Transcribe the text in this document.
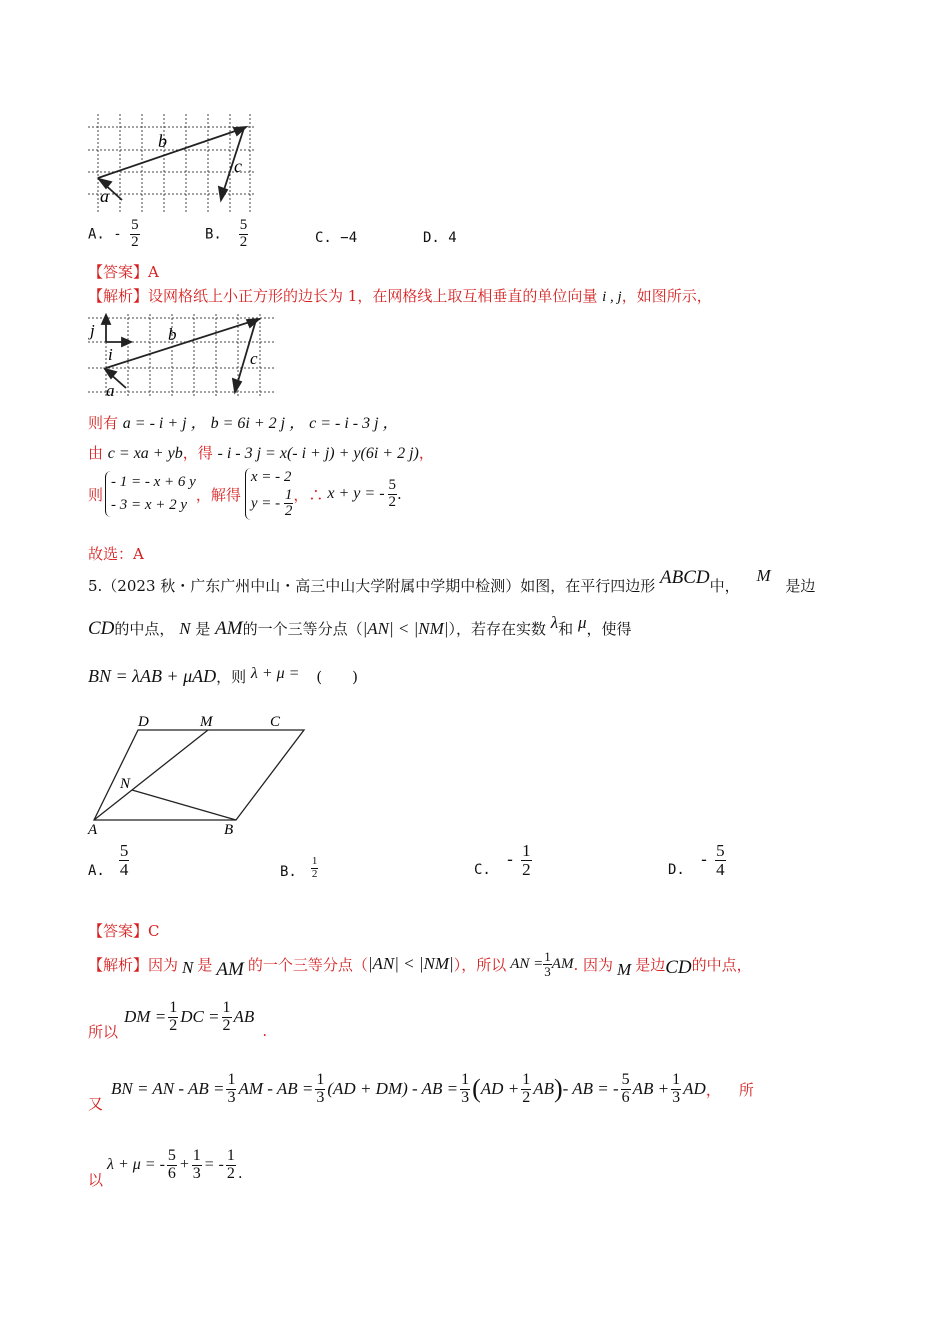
b
c
a
A. - $\frac{5}{2}$	B. $\frac{5}{2}$	C. −4	D. 4
【答案】A
【解析】设网格纸上小正方形的边长为 1，在网格线上取互相垂直的单位向量 i , j，如图所示，
j
i
b
c
a
则有 a = - i + j ， b = 6i + 2 j ， c = - i - 3 j ，
由 c = xa + yb，得 - i - 3 j = x(- i + j) + y(6i + 2 j)，
则
- 1 = - x + 6 y
- 3 = x + 2 y
，解得
x = - 2
y = - $\frac{1}{2}$ ，∴ x + y = - $\frac{5}{2}$ .
故选：A
5.（2023 秋・广东广州中山・高三中山大学附属中学期中检测）如图，在平行四边形 ABCD中， M 是边
CD的中点， N 是 AM的一个三等分点（|AN| < |NM|），若存在实数 λ和 μ，使得
BN = λAB + μAD，则 λ + μ = (　　)
A	B
C
D	M
N
A. $\frac{5}{4}$	B. $\frac{1}{2}$	C. - $\frac{1}{2}$	D. - $\frac{5}{4}$
【答案】C
【解析】 因为 N 是 AM 的一个三等分点（ |AN| < |NM| ），所以 AN = $\frac{1}{3}$ AM . 因为 M 是边 CD 的中点，
所以
DM = $\frac{1}{2}$ DC = $\frac{1}{2}$ AB
.
又
BN = AN - AB = $\frac{1}{3}$ AM - AB = $\frac{1}{3} (AD + DM)$ - AB = $\frac{1}{3}$ ( AD + $\frac{1}{2}$ AB ) - AB = - $\frac{5}{6}$ AB + $\frac{1}{3}$ AD ， 所
以
λ + μ = - $\frac{5}{6} + \frac{1}{3}$ = - $\frac{1}{2}$ .
